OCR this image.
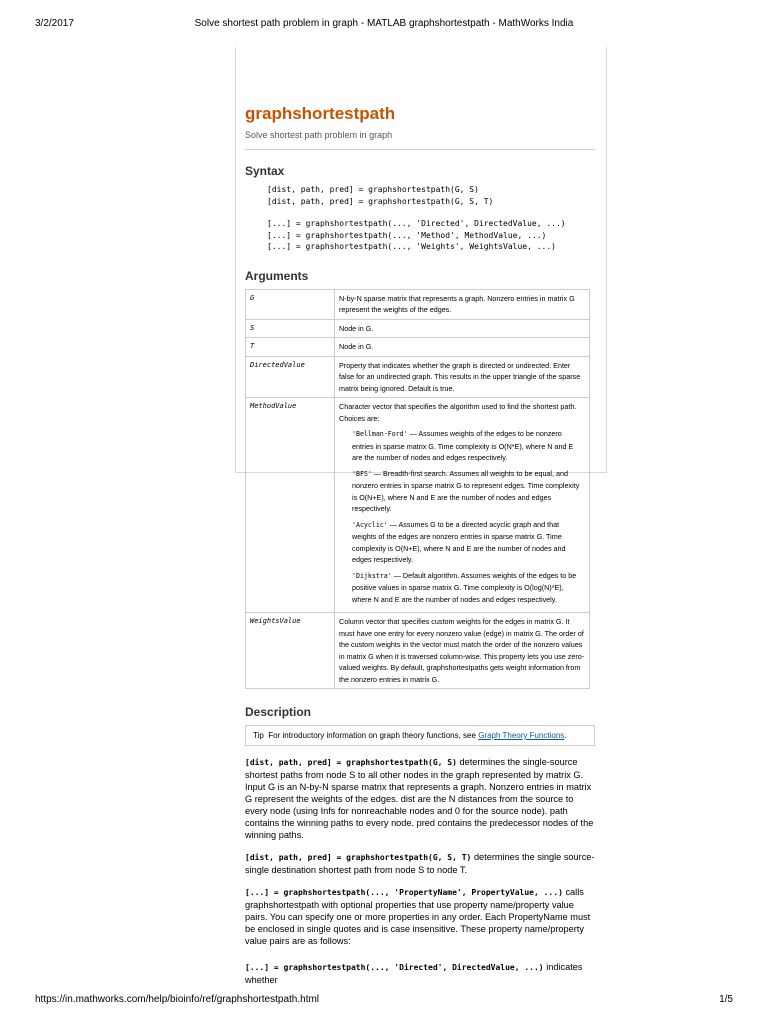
3/2/2017	Solve shortest path problem in graph - MATLAB graphshortestpath - MathWorks India
graphshortestpath
Solve shortest path problem in graph
Syntax
[dist, path, pred] = graphshortestpath(G, S)
[dist, path, pred] = graphshortestpath(G, S, T)
[...] = graphshortestpath(..., 'Directed', DirectedValue, ...)
[...] = graphshortestpath(..., 'Method', MethodValue, ...)
[...] = graphshortestpath(..., 'Weights', WeightsValue, ...)
Arguments
G	N-by-N sparse matrix that represents a graph. Nonzero entries in matrix G represent the weights of the edges.
S	Node in G.
T	Node in G.
DirectedValue	Property that indicates whether the graph is directed or undirected. Enter false for an undirected graph. This results in the upper triangle of the sparse matrix being ignored. Default is true.
MethodValue	Character vector that specifies the algorithm used to find the shortest path. Choices are:
'Bellman-Ford' — Assumes weights of the edges to be nonzero entries in sparse matrix G. Time complexity is O(N*E), where N and E are the number of nodes and edges respectively.
'BFS' — Breadth-first search. Assumes all weights to be equal, and nonzero entries in sparse matrix G to represent edges. Time complexity is O(N+E), where N and E are the number of nodes and edges respectively.
'Acyclic' — Assumes G to be a directed acyclic graph and that weights of the edges are nonzero entries in sparse matrix G. Time complexity is O(N+E), where N and E are the number of nodes and edges respectively.
'Dijkstra' — Default algorithm. Assumes weights of the edges to be positive values in sparse matrix G. Time complexity is O(log(N)*E), where N and E are the number of nodes and edges respectively.

WeightsValue	Column vector that specifies custom weights for the edges in matrix G. It must have one entry for every nonzero value (edge) in matrix G. The order of the custom weights in the vector must match the order of the nonzero values in matrix G when it is traversed column-wise. This property lets you use zero-valued weights. By default, graphshortestpaths gets weight information from the nonzero entries in matrix G.
Description
Tip For introductory information on graph theory functions, see Graph Theory Functions.

[dist, path, pred] = graphshortestpath(G, S) determines the single-source shortest paths from node S to all other nodes in the graph represented by matrix G. Input G is an N-by-N sparse matrix that represents a graph. Nonzero entries in matrix G represent the weights of the edges. dist are the N distances from the source to every node (using Infs for nonreachable nodes and 0 for the source node). path contains the winning paths to every node. pred contains the predecessor nodes of the winning paths.

[dist, path, pred] = graphshortestpath(G, S, T) determines the single source-single destination shortest path from node S to node T.

[...] = graphshortestpath(..., 'PropertyName', PropertyValue, ...) calls graphshortestpath with optional properties that use property name/property value pairs. You can specify one or more properties in any order. Each PropertyName must be enclosed in single quotes and is case insensitive. These property name/property value pairs are as follows:

[...] = graphshortestpath(..., 'Directed', DirectedValue, ...) indicates whether

https://in.mathworks.com/help/bioinfo/ref/graphshortestpath.html	1/5
